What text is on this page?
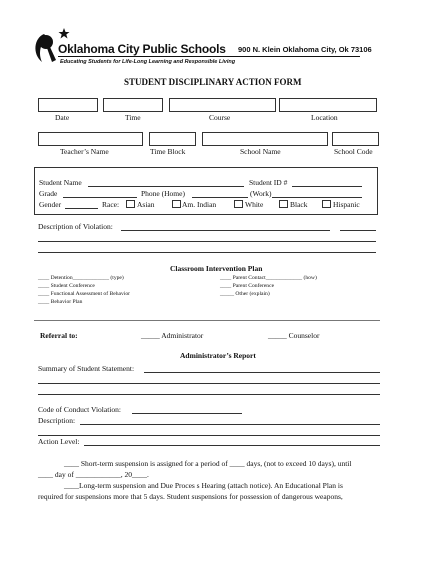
Oklahoma City Public Schools 900 N. Klein Oklahoma City, Ok 73106
Educating Students for Life-Long Learning and Responsible Living
STUDENT DISCIPLINARY ACTION FORM
Date	Time	Course	Location
Teacher’s Name	Time Block	School Name	School Code
Student Name	Student ID #
Grade	Phone (Home)	(Work)
Gender	Race: Asian	Am. Indian	White	Black	Hispanic
Description of Violation:
Classroom Intervention Plan
____ Detention_____________ (type)
____ Student Conference
____ Functional Assessment of Behavior
____ Behavior Plan
____ Parent Contact_____________ (how)
____ Parent Conference
_____ Other (explain)
Referral to:	_____ Administrator	_____ Counselor
Administrator’s Report
Summary of Student Statement:
Code of Conduct Violation:
Description:
Action Level:
____ Short-term suspension is assigned for a period of ____ days, (not to exceed 10 days), until
____ day of ____________, 20____.
____Long-term suspension and Due Proces s Hearing (attach notice). An Educational Plan is
required for suspensions more that 5 days. Student suspensions for possession of dangerous weapons,
